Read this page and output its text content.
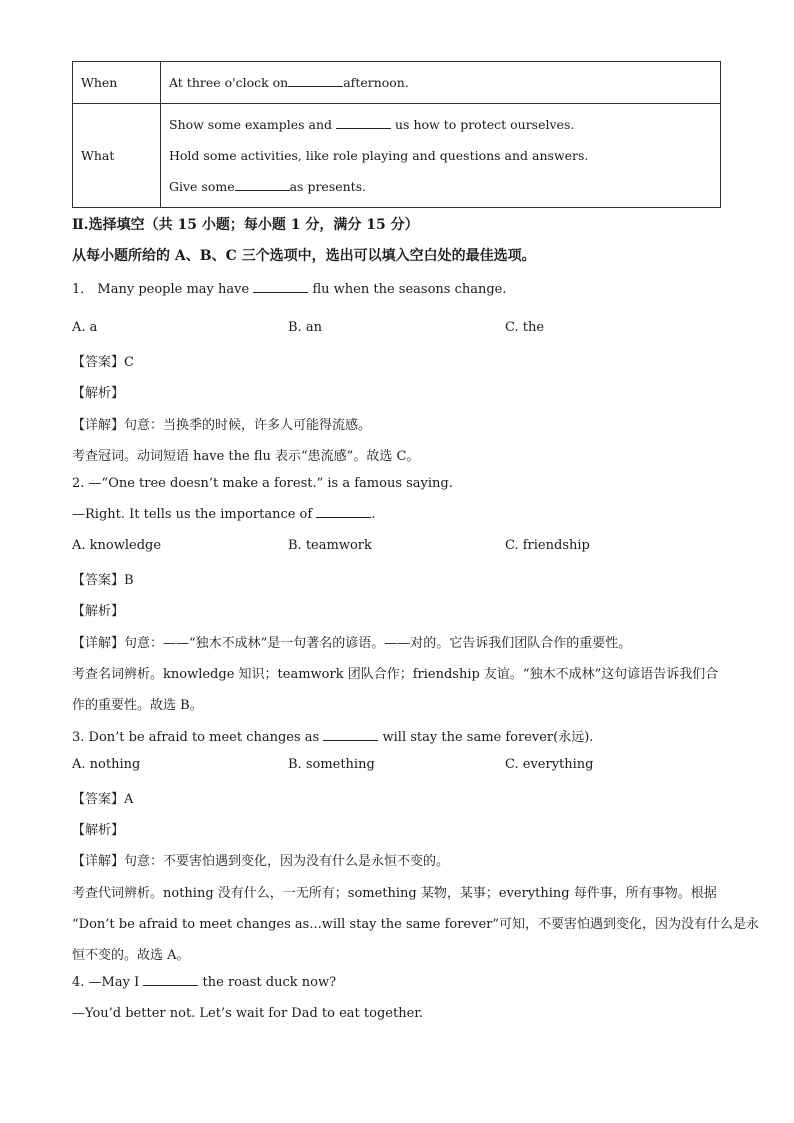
When	At three o'clock on afternoon.
What	Show some examples and us how to protect ourselves.
Hold some activities, like role playing and questions and answers.
Give some as presents.
Ⅱ.选择填空（共 15 小题；每小题 1 分，满分 15 分）
从每小题所给的 A、B、C 三个选项中，选出可以填入空白处的最佳选项。
1． Many people may have	flu when the seasons change.
A. a	B. an	C. the
【答案】C
【解析】
【详解】句意：当换季的时候，许多人可能得流感。
考查冠词。动词短语 have the flu 表示“患流感”。故选 C。
2. —“One tree doesn’t make a forest.” is a famous saying.
—Right. It tells us the importance of	.
A. knowledge	B. teamwork	C. friendship
【答案】B
【解析】
【详解】句意：——“独木不成林”是一句著名的谚语。——对的。它告诉我们团队合作的重要性。
考查名词辨析。knowledge 知识；teamwork 团队合作；friendship 友谊。“独木不成林”这句谚语告诉我们合
作的重要性。故选 B。
3. Don’t be afraid to meet changes as	will stay the same forever(永远).
A. nothing	B. something	C. everything
【答案】A
【解析】
【详解】句意：不要害怕遇到变化，因为没有什么是永恒不变的。
考查代词辨析。nothing 没有什么，一无所有；something 某物，某事；everything 每件事，所有事物。根据
“Don’t be afraid to meet changes as...will stay the same forever”可知，不要害怕遇到变化，因为没有什么是永
恒不变的。故选 A。
4. —May I	the roast duck now?
—You’d better not. Let’s wait for Dad to eat together.
